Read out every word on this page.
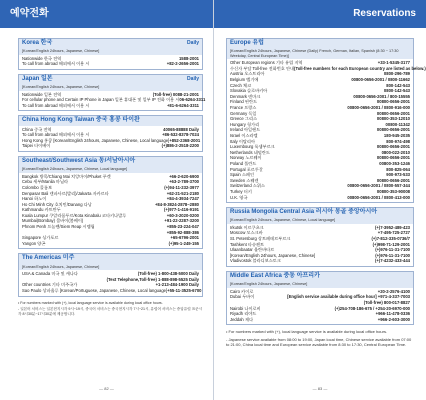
예약전화
Korea 한국	Daily
[Korean/English 24hours, Japanese, Chinese]
Nationwide 한국 전역	1588-2001
To call from abroad 해외에서 이용 시	+82-2-2656-2001
Japan 일본	Daily
[Korean/English 24hours, Japanese, Chinese]
Nationwide 일본 전역	(Toll-free) 0088-21-2001
For cellular phone and Certain IP Phone in Japan 일본 휴대폰 및 일부 IP 전화 이용 시 06-6264-3311
To call from abroad 해외에서 이용 시	+81-6-6264-3311
China Hong Kong Taiwan 중국 홍콩 타이완
China 중국 전역	40065-88888 Daily
To call from abroad 해외에서 이용 시	+86-532-8378-7024
Hong Kong 홍콩 [Korean/English 24hours, Japanese, Chinese, Local language] +852-2368-2001
Taipei 타이베이	(+)886-2-2518-2200
Southeast/Southwest Asia 동/서남아시아
[Korean/English 24hours, Japanese, Chinese, Local language]
Bangkok 방콕/Chiang Mai 치앙마이/Phuket 푸켓	+66-2-620-6900
Cebu 세부/Manila 마닐라	+63-2-789-3700
Colombo 콜롬보	(+)94-11-232-3977
Denpasar Bali 덴파사르(발리)/Jakarta 자카르타	+62-21-521-2180
Hanoi 하노이	+84-4-3934-7247
Ho Chi Minh City 호치민/Danang 다낭	+84-8-3824-2878~2880
Kathmandu 카트만두	(+)977-1-416-9191
Kuala Lumpur 쿠알라룸푸르/Kota Kinabalu 코타키나발루	+60-3-2020-0200
Mumbai(Bombay) 뭄바이(봄베이)	+91-22-2287-3200
Phnom Penh 프놈펜/Siem Reap 시엠립	+855-23-224-047
+855-92-888-386
Singapore 싱가포르	+65-6796-2001
Yangon 양곤	(+)95-1-249-155
The Americas 미주
[Korean/English 24hours, Japanese, Chinese]
USA & Canada 미국 및 캐나다	(Toll-free) 1-800-438-5000 Daily
(Text Telephone,Toll-free) 1-888-898-5525 Daily
Other countries 기타 미주국가	+1-213-484-1900 Daily
Sao Paulo 상파울루 [Korean/Portuguese, Japanese, Chinese, Local language] +55-11-3525-6700
• For numbers marked with (+), local language service is available during local office hours.
- 일본어 서비스는 일본현지시각 9시~19시, 중국어 서비스는 중국현지시각 7시~21시, 유럽어 서비스는 중앙유럽 표준시각 8시30분~17시30분에 제공합니다.
― 82 ―
Reservations
Europe 유럽
[Korean/English 24hours, Japanese, Chinese (Daily) French, German, Italian, Spanish (8:30 ~ 17:30 Weekday, Central European Time)]
Other European regions 기타 유럽 지역	+33-1-5345-3177
수신자 부담 Toll-free 전화번호 안내 (Toll-free numbers for each European country are listed as below.)
Austria 오스트리아	0800-296-789
Belgium 벨기에	00800-0656-2001 / 0800-11662
Czech 체코	800-142-543
Slovakia 슬로바키아	0800-142-543
Denmark 덴마크	00800-0656-2001 / 800-15555
Finland 핀란드	00800-0656-2001
France 프랑스	00800-0656-2001 / 0800-916-000
Germany 독일	00800-0656-2001
Greece 그리스	00800-353-12010
Hungary 헝가리	00800-11342
Ireland 아일랜드	00800-0656-2001
Israel 이스라엘	180-945-2035
Italy 이탈리아	800-974-498
Luxembourg 룩셈부르크	00800-0656-2001
Netherlands 네덜란드	0800-022-2010
Norway 노르웨이	00800-0656-2001
Poland 폴란드	00800-353-1246
Portugal 포르투갈	800-825-064
Spain 스페인	900-973-533
Sweden 스웨덴	00800-0656-2001
Switzerland 스위스	00800-0656-2001 / 0800-557-344
Turkey 터키	00800-353-90008
U.K. 영국	00800-0656-2001 / 0800-413-000
Russia Mongolia Central Asia 러시아 몽골 중앙아시아
[Korean/English 24hours, Japanese, Chinese, Local language]
Irkutsk 이르쿠츠크	(+)7-3952-489-423
Moscow 모스크바	+7-495-725-2727
St. Petersburg 상트페테르부르크	(+)7-812-335-0736/7
Tashkent 타슈켄트	(+)998-71-129-2001
Ulaanbaatar 울란바타르	(+)976-11-31-7100
[Korean/English 24hours, Japanese, Chinese]	(+)976-11-31-7100
Vladivostok 블라디보스토크	(+)7-4232-433-444
Middle East Africa 중동 아프리카
[Korean/English 24hours, Japanese, Chinese]
Cairo 카이로	+20-2-2576-4100
Dubai 두바이	[English service available during office hour] +971-4-337-7003
(Toll-free) 800-017-8827
Nairobi 나이로비	(+)254-708-186-675 / +254-20-6970-000
Riyadh 리야드	+966-11-478-0336
Jeddah 제다	+966-2-603-3000
• For numbers marked with (+), local language service is available during local office hours.
- Japanese service available from 08:00 to 19:00, Japan local time, Chinese service available from 07:00 to 21:00, China local time and European service available from 8:30 to 17:30, Central European Time.
― 83 ―
